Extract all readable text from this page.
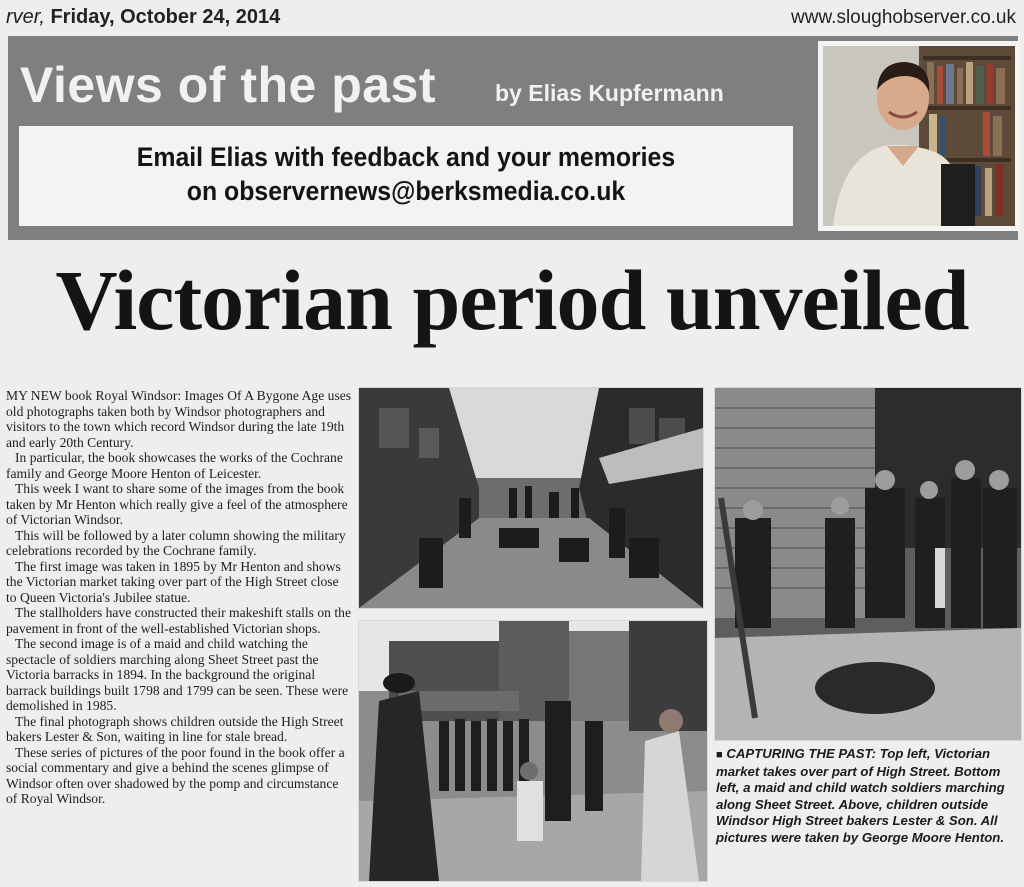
rver, Friday, October 24, 2014	www.sloughobserver.co.uk
Views of the past	by Elias Kupfermann
Email Elias with feedback and your memories
on observernews@berksmedia.co.uk
Victorian period unveiled

MY NEW book Royal Windsor: Images Of A Bygone Age uses old photographs taken both by Windsor photographers and visitors to the town which record Windsor during the late 19th and early 20th Century.

In particular, the book showcases the works of the Cochrane family and George Moore Henton of Leicester.

This week I want to share some of the images from the book taken by Mr Henton which really give a feel of the atmosphere of Victorian Windsor.

This will be followed by a later column showing the military celebrations recorded by the Cochrane family.

The first image was taken in 1895 by Mr Henton and shows the Victorian market taking over part of the High Street close to Queen Victoria's Jubilee statue.

The stallholders have constructed their makeshift stalls on the pavement in front of the well-established Victorian shops.

The second image is of a maid and child watching the spectacle of soldiers marching along Sheet Street past the Victoria barracks in 1894. In the background the original barrack buildings built 1798 and 1799 can be seen. These were demolished in 1985.

The final photograph shows children outside the High Street bakers Lester & Son, waiting in line for stale bread.

These series of pictures of the poor found in the book offer a social commentary and give a behind the scenes glimpse of Windsor often over shadowed by the pomp and circumstance of Royal Windsor.

■ CAPTURING THE PAST: Top left, Victorian market takes over part of High Street. Bottom left, a maid and child watch soldiers marching along Sheet Street. Above, children outside Windsor High Street bakers Lester & Son. All pictures were taken by George Moore Henton.
